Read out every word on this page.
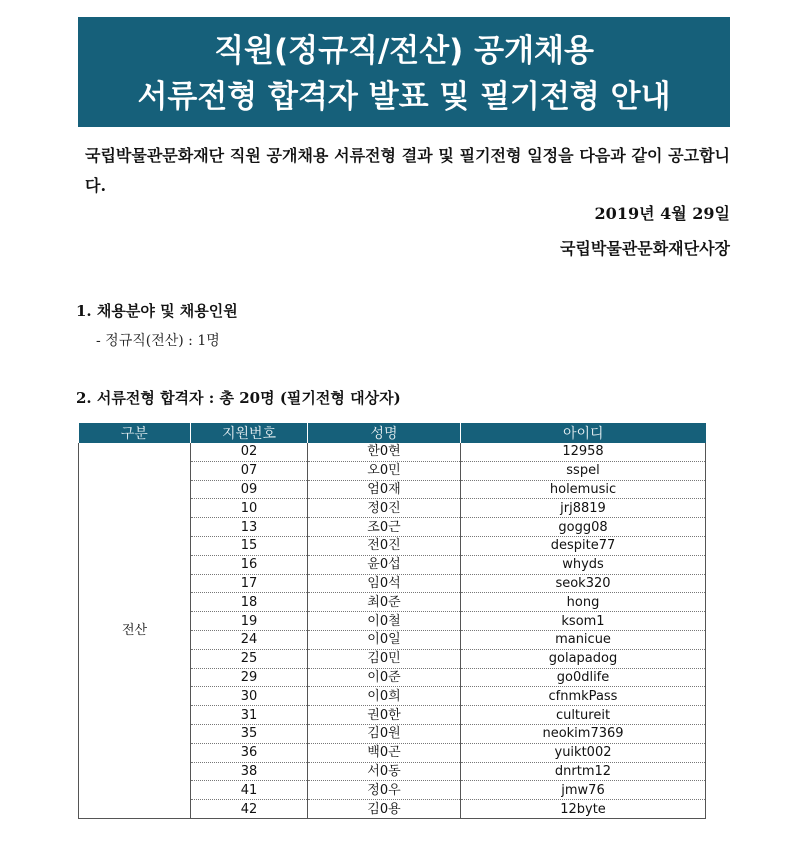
직원(정규직/전산) 공개채용
서류전형 합격자 발표 및 필기전형 안내
국립박물관문화재단 직원 공개채용 서류전형 결과 및 필기전형 일정을 다음과 같이 공고합니다.
2019년 4월 29일
국립박물관문화재단사장
1. 채용분야 및 채용인원
- 정규직(전산) : 1명
2. 서류전형 합격자 : 총 20명 (필기전형 대상자)
구분	지원번호	성명	아이디
전산	02	한0현	12958
	07	오0민	sspel
	09	엄0재	holemusic
	10	정0진	jrj8819
	13	조0근	gogg08
	15	전0진	despite77
	16	윤0섭	whyds
	17	임0석	seok320
	18	최0준	hong
	19	이0철	ksom1
	24	이0일	manicue
	25	김0민	golapadog
	29	이0준	go0dlife
	30	이0희	cfnmkPass
	31	권0한	cultureit
	35	김0원	neokim7369
	36	백0곤	yuikt002
	38	서0동	dnrtm12
	41	정0우	jmw76
	42	김0용	12byte
